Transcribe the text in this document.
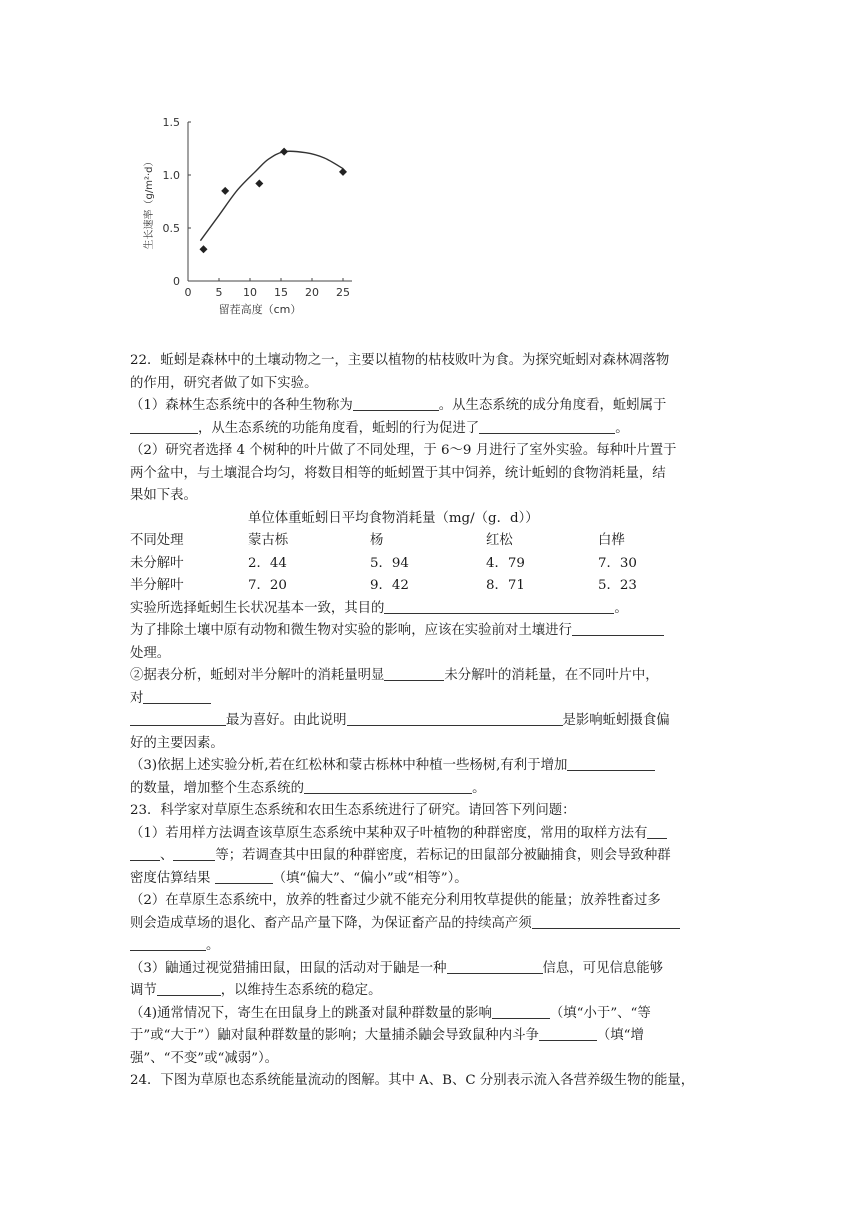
0 5 10 15 20 25
0
0.5
1.0
1.5
留茬高度（cm）
生长速率（g/m²·d）

22．蚯蚓是森林中的土壤动物之一，主要以植物的枯枝败叶为食。为探究蚯蚓对森林凋落物

的作用，研究者做了如下实验。

（1）森林生态系统中的各种生物称为	。从生态系统的成分角度看，蚯蚓属于

，从生态系统的功能角度看，蚯蚓的行为促进了	。

（2）研究者选择 4 个树种的叶片做了不同处理，于 6～9 月进行了室外实验。每种叶片置于

两个盆中，与土壤混合均匀，将数目相等的蚯蚓置于其中饲养，统计蚯蚓的食物消耗量，结

果如下表。

单位体重蚯蚓日平均食物消耗量（mg/（g．d））

不同处理	蒙古栎	杨	红松	白桦
未分解叶	2．44	5．94	4．79	7．30
半分解叶	7．20	9．42	8．71	5．23

实验所选择蚯蚓生长状况基本一致，其目的	。

为了排除土壤中原有动物和微生物对实验的影响，应该在实验前对土壤进行

处理。

②据表分析，蚯蚓对半分解叶的消耗量明显	未分解叶的消耗量，在不同叶片中，

对

最为喜好。由此说明	是影响蚯蚓摄食偏

好的主要因素。

（3)依据上述实验分析,若在红松林和蒙古栎林中种植一些杨树,有利于增加

的数量，增加整个生态系统的	。

23．科学家对草原生态系统和农田生态系统进行了研究。请回答下列问题：

（1）若用样方法调查该草原生态系统中某种双子叶植物的种群密度，常用的取样方法有

、	等；若调查其中田鼠的种群密度，若标记的田鼠部分被鼬捕食，则会导致种群

密度估算结果	（填“偏大”、“偏小”或“相等”）。

（2）在草原生态系统中，放养的牲畜过少就不能充分利用牧草提供的能量；放养牲畜过多

则会造成草场的退化、畜产品产量下降，为保证畜产品的持续高产须

。

（3）鼬通过视觉猎捕田鼠，田鼠的活动对于鼬是一种	信息，可见信息能够

调节	，以维持生态系统的稳定。

（4)通常情况下，寄生在田鼠身上的跳蚤对鼠种群数量的影响	（填“小于”、“等

于”或“大于”）鼬对鼠种群数量的影响；大量捕杀鼬会导致鼠种内斗争	（填“增

强”、“不变”或“减弱”）。

24．下图为草原也态系统能量流动的图解。其中 A、B、C 分别表示流入各营养级生物的能量，
